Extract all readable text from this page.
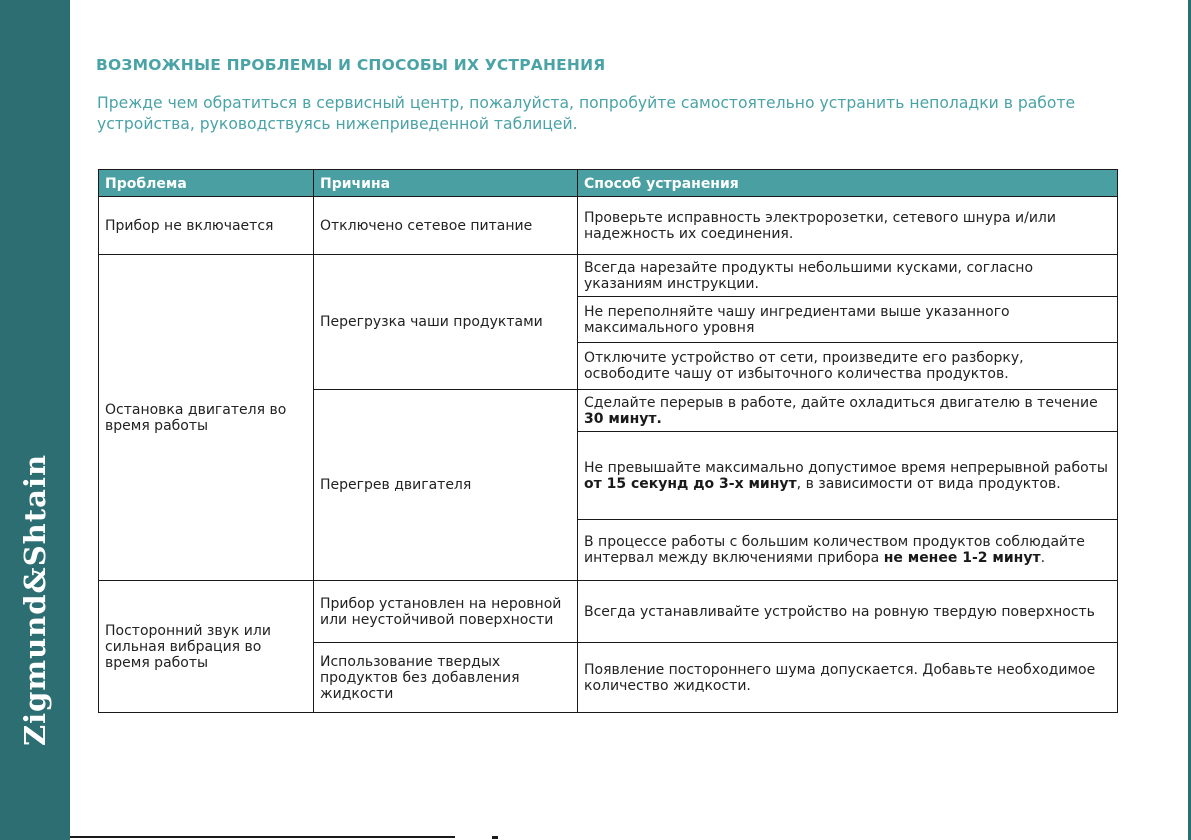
Zigmund&Shtain
ВОЗМОЖНЫЕ ПРОБЛЕМЫ И СПОСОБЫ ИХ УСТРАНЕНИЯ

Прежде чем обратиться в сервисный центр, пожалуйста, попробуйте самостоятельно устранить неполадки в работе устройства, руководствуясь нижеприведенной таблицей.

Проблема	Причина	Способ устранения
Прибор не включается	Отключено сетевое питание	Проверьте исправность электророзетки, сетевого шнура и/или надежность их соединения.
Остановка двигателя во время работы	Перегрузка чаши продуктами	Всегда нарезайте продукты небольшими кусками, согласно указаниям инструкции.
		Не переполняйте чашу ингредиентами выше указанного максимального уровня
		Отключите устройство от сети, произведите его разборку, освободите чашу от избыточного количества продуктов.
	Перегрев двигателя	Сделайте перерыв в работе, дайте охладиться двигателю в течение 30 минут.
		Не превышайте максимально допустимое время непрерывной работы от 15 секунд до 3-х минут, в зависимости от вида продуктов.
		В процессе работы с большим количеством продуктов соблюдайте интервал между включениями прибора не менее 1-2 минут.
Посторонний звук или сильная вибрация во время работы	Прибор установлен на неровной или неустойчивой поверхности	Всегда устанавливайте устройство на ровную твердую поверхность
	Использование твердых продуктов без добавления жидкости	Появление постороннего шума допускается. Добавьте необходимое количество жидкости.
